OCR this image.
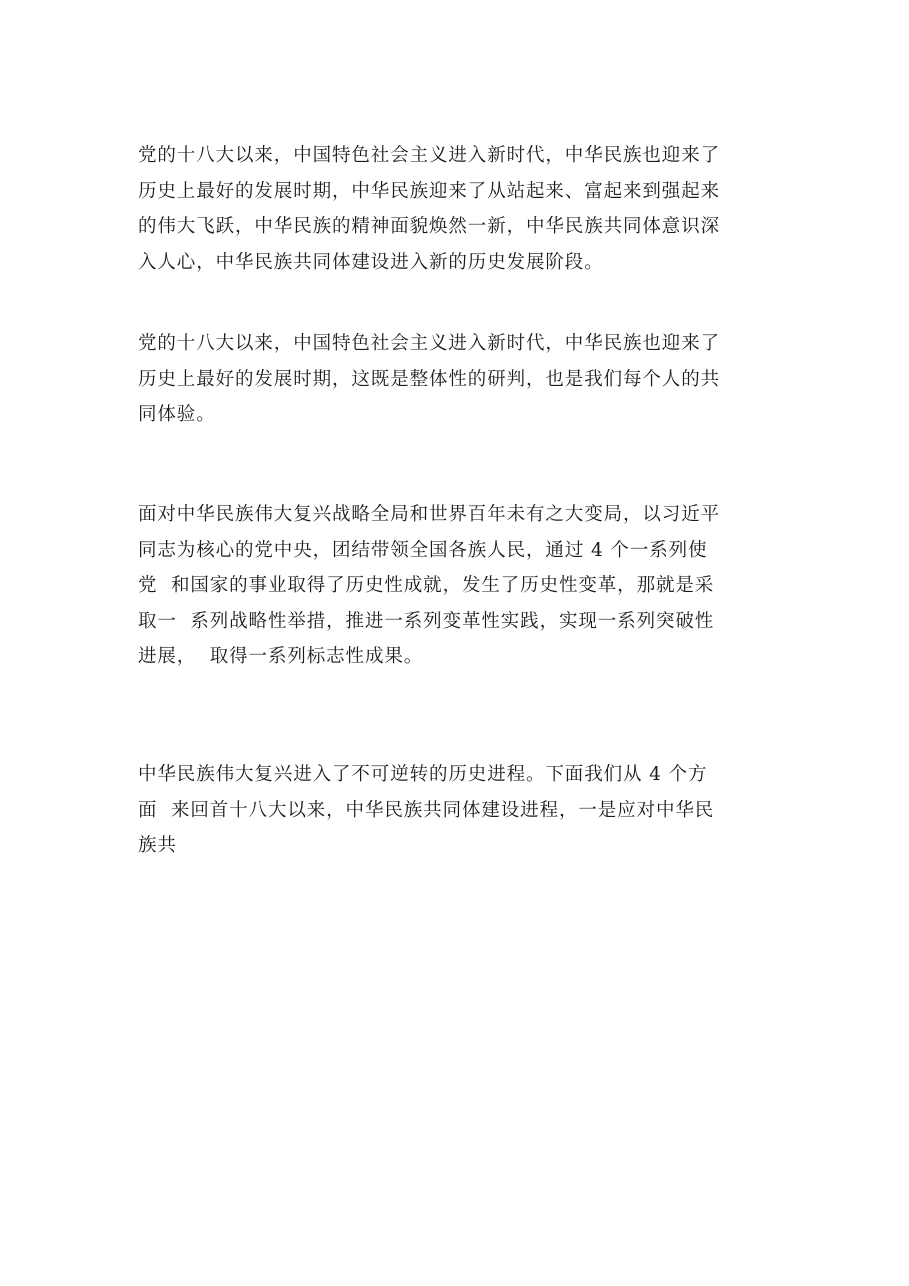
党的十八大以来，中国特色社会主义进入新时代，中华民族也迎来了
历史上最好的发展时期，中华民族迎来了从站起来、富起来到强起来
的伟大飞跃，中华民族的精神面貌焕然一新，中华民族共同体意识深
入人心，中华民族共同体建设进入新的历史发展阶段。
党的十八大以来，中国特色社会主义进入新时代，中华民族也迎来了
历史上最好的发展时期，这既是整体性的研判，也是我们每个人的共
同体验。
面对中华民族伟大复兴战略全局和世界百年未有之大变局，以习近平
同志为核心的党中央，团结带领全国各族人民，通过 4 个一系列使
党  和国家的事业取得了历史性成就，发生了历史性变革，那就是采
取一  系列战略性举措，推进一系列变革性实践，实现一系列突破性
进展，  取得一系列标志性成果。
中华民族伟大复兴进入了不可逆转的历史进程。下面我们从 4 个方
面  来回首十八大以来，中华民族共同体建设进程，一是应对中华民
族共
